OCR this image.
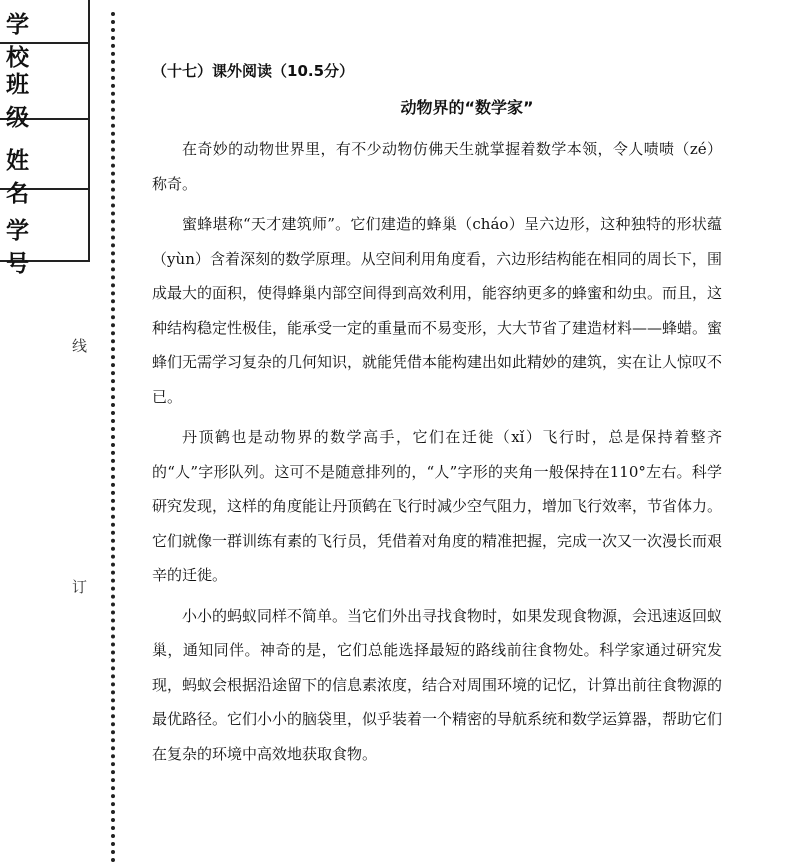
学 校
班 级
姓 名
学 号
线
订
（十七）课外阅读（10.5分）
动物界的“数学家”

在奇妙的动物世界里，有不少动物仿佛天生就掌握着数学本领，令人啧啧（zé）称奇。

蜜蜂堪称“天才建筑师”。它们建造的蜂巢（cháo）呈六边形，这种独特的形状蕴（yùn）含着深刻的数学原理。从空间利用角度看，六边形结构能在相同的周长下，围成最大的面积，使得蜂巢内部空间得到高效利用，能容纳更多的蜂蜜和幼虫。而且，这种结构稳定性极佳，能承受一定的重量而不易变形，大大节省了建造材料——蜂蜡。蜜蜂们无需学习复杂的几何知识，就能凭借本能构建出如此精妙的建筑，实在让人惊叹不已。

丹顶鹤也是动物界的数学高手，它们在迁徙（xǐ）飞行时，总是保持着整齐的“人”字形队列。这可不是随意排列的，“人”字形的夹角一般保持在110°左右。科学研究发现，这样的角度能让丹顶鹤在飞行时减少空气阻力，增加飞行效率，节省体力。它们就像一群训练有素的飞行员，凭借着对角度的精准把握，完成一次又一次漫长而艰辛的迁徙。

小小的蚂蚁同样不简单。当它们外出寻找食物时，如果发现食物源，会迅速返回蚁巢，通知同伴。神奇的是，它们总能选择最短的路线前往食物处。科学家通过研究发现，蚂蚁会根据沿途留下的信息素浓度，结合对周围环境的记忆，计算出前往食物源的最优路径。它们小小的脑袋里，似乎装着一个精密的导航系统和数学运算器，帮助它们在复杂的环境中高效地获取食物。
